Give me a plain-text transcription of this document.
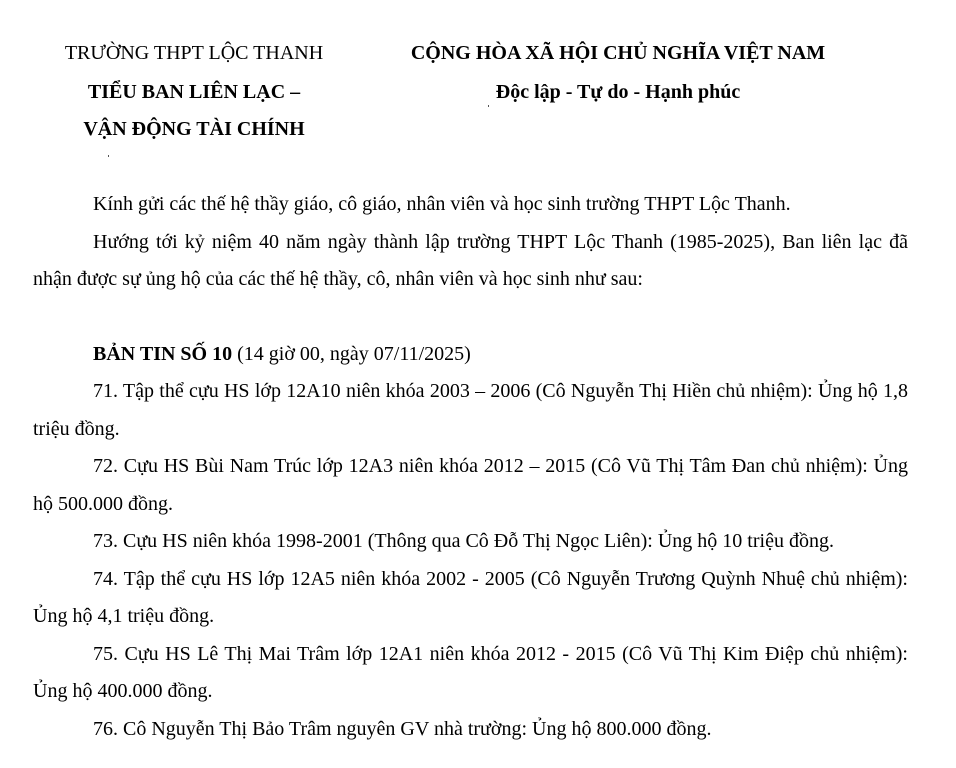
TRƯỜNG THPT LỘC THANH
TIỂU BAN LIÊN LẠC –
VẬN ĐỘNG TÀI CHÍNH
CỘNG HÒA XÃ HỘI CHỦ NGHĨA VIỆT NAM
Độc lập - Tự do - Hạnh phúc

Kính gửi các thế hệ thầy giáo, cô giáo, nhân viên và học sinh trường THPT Lộc Thanh.

Hướng tới kỷ niệm 40 năm ngày thành lập trường THPT Lộc Thanh (1985-2025), Ban liên lạc đã nhận được sự ủng hộ của các thế hệ thầy, cô, nhân viên và học sinh như sau:

BẢN TIN SỐ 10 (14 giờ 00, ngày 07/11/2025)

71. Tập thể cựu HS lớp 12A10 niên khóa 2003 – 2006 (Cô Nguyễn Thị Hiền chủ nhiệm): Ủng hộ 1,8 triệu đồng.

72. Cựu HS Bùi Nam Trúc lớp 12A3 niên khóa 2012 – 2015 (Cô Vũ Thị Tâm Đan chủ nhiệm): Ủng hộ 500.000 đồng.

73. Cựu HS niên khóa 1998-2001 (Thông qua Cô Đỗ Thị Ngọc Liên): Ủng hộ 10 triệu đồng.

74. Tập thể cựu HS lớp 12A5 niên khóa 2002 - 2005 (Cô Nguyễn Trương Quỳnh Nhuệ chủ nhiệm): Ủng hộ 4,1 triệu đồng.

75. Cựu HS Lê Thị Mai Trâm lớp 12A1 niên khóa 2012 - 2015 (Cô Vũ Thị Kim Điệp chủ nhiệm): Ủng hộ 400.000 đồng.

76. Cô Nguyễn Thị Bảo Trâm nguyên GV nhà trường: Ủng hộ 800.000 đồng.
